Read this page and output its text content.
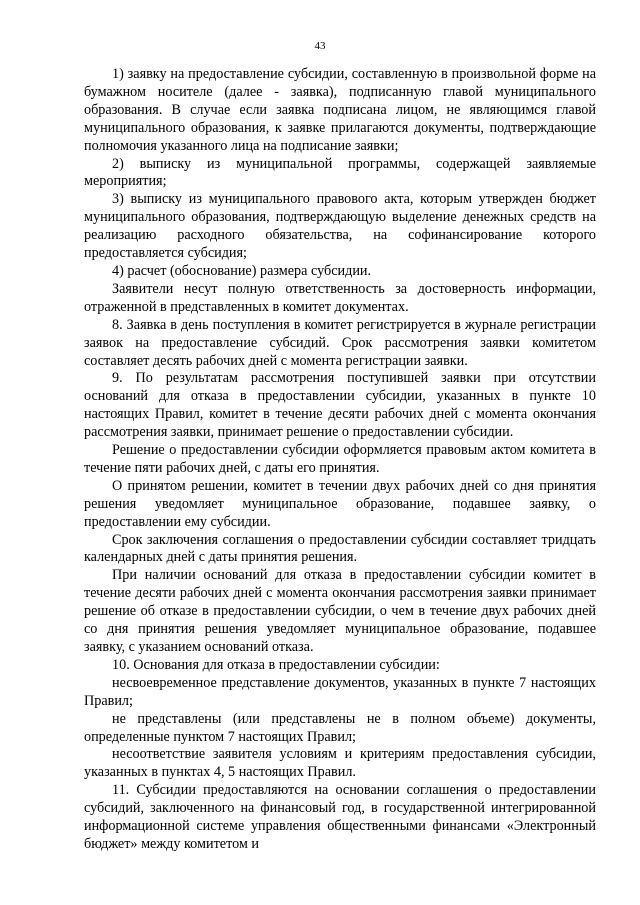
43

1) заявку на предоставление субсидии, составленную в произвольной форме на бумажном носителе (далее - заявка), подписанную главой муниципального образования. В случае если заявка подписана лицом, не являющимся главой муниципального образования, к заявке прилагаются документы, подтверждающие полномочия указанного лица на подписание заявки;

2) выписку из муниципальной программы, содержащей заявляемые мероприятия;

3) выписку из муниципального правового акта, которым утвержден бюджет муниципального образования, подтверждающую выделение денежных средств на реализацию расходного обязательства, на софинансирование которого предоставляется субсидия;

4) расчет (обоснование) размера субсидии.

Заявители несут полную ответственность за достоверность информации, отраженной в представленных в комитет документах.

8. Заявка в день поступления в комитет регистрируется в журнале регистрации заявок на предоставление субсидий. Срок рассмотрения заявки комитетом составляет десять рабочих дней с момента регистрации заявки.

9. По результатам рассмотрения поступившей заявки при отсутствии оснований для отказа в предоставлении субсидии, указанных в пункте 10 настоящих Правил, комитет в течение десяти рабочих дней с момента окончания рассмотрения заявки, принимает решение о предоставлении субсидии.

Решение о предоставлении субсидии оформляется правовым актом комитета в течение пяти рабочих дней, с даты его принятия.

О принятом решении, комитет в течении двух рабочих дней со дня принятия решения уведомляет муниципальное образование, подавшее заявку, о предоставлении ему субсидии.

Срок заключения соглашения о предоставлении субсидии составляет тридцать календарных дней с даты принятия решения.

При наличии оснований для отказа в предоставлении субсидии комитет в течение десяти рабочих дней с момента окончания рассмотрения заявки принимает решение об отказе в предоставлении субсидии, о чем в течение двух рабочих дней со дня принятия решения уведомляет муниципальное образование, подавшее заявку, с указанием оснований отказа.

10. Основания для отказа в предоставлении субсидии:

несвоевременное представление документов, указанных в пункте 7 настоящих Правил;

не представлены (или представлены не в полном объеме) документы, определенные пунктом 7 настоящих Правил;

несоответствие заявителя условиям и критериям предоставления субсидии, указанных в пунктах 4, 5 настоящих Правил.

11. Субсидии предоставляются на основании соглашения о предоставлении субсидий, заключенного на финансовый год, в государственной интегрированной информационной системе управления общественными финансами «Электронный бюджет» между комитетом и
